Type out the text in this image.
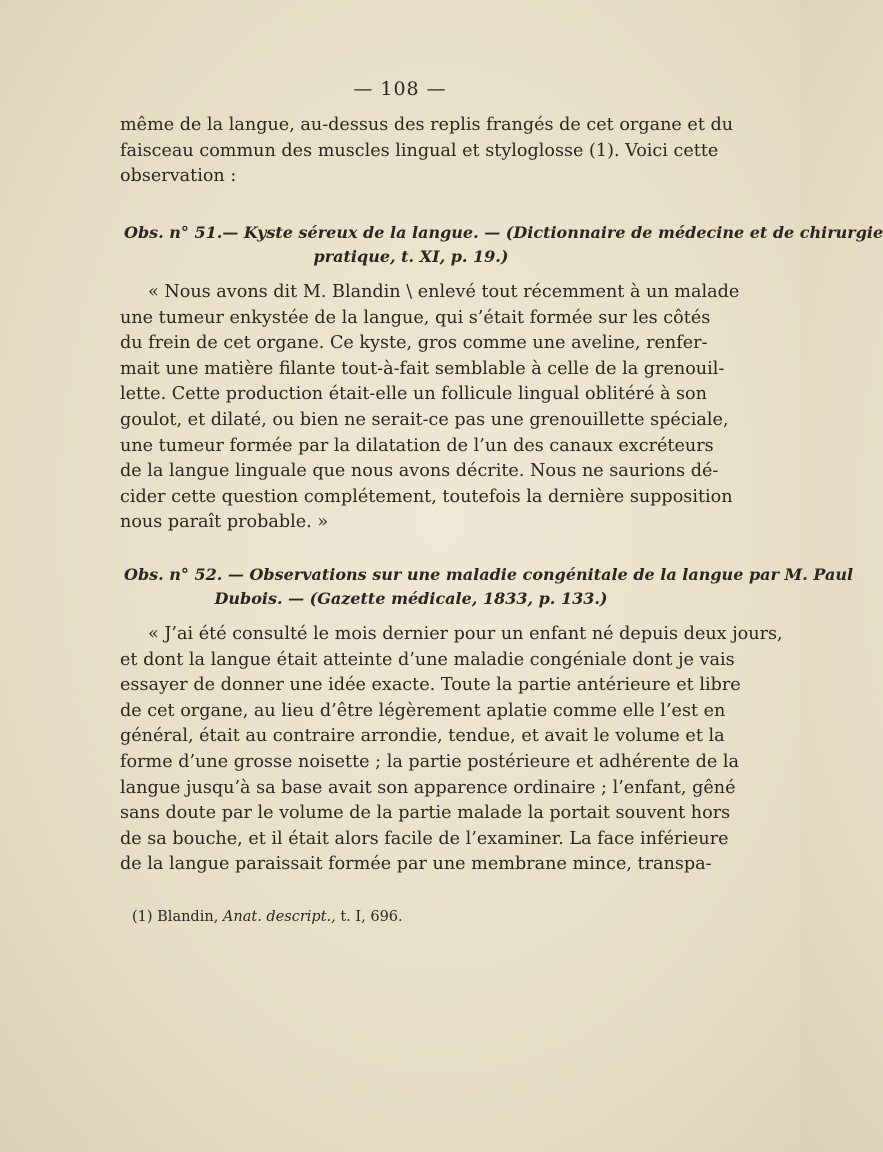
— 108 —
même de la langue, au-dessus des replis frangés de cet organe et du
faisceau commun des muscles lingual et styloglosse (1). Voici cette
observation :
Obs. n° 51.— Kyste séreux de la langue. — (Dictionnaire de médecine et de chirurgie
pratique, t. XI, p. 19.)
« Nous avons dit M. Blandin \ enlevé tout récemment à un malade
une tumeur enkystée de la langue, qui s’était formée sur les côtés
du frein de cet organe. Ce kyste, gros comme une aveline, renfer-
mait une matière filante tout-à-fait semblable à celle de la grenouil-
lette. Cette production était-elle un follicule lingual oblitéré à son
goulot, et dilaté, ou bien ne serait-ce pas une grenouillette spéciale,
une tumeur formée par la dilatation de l’un des canaux excréteurs
de la langue linguale que nous avons décrite. Nous ne saurions dé-
cider cette question complétement, toutefois la dernière supposition
nous paraît probable. »
Obs. n° 52. — Observations sur une maladie congénitale de la langue par M. Paul
Dubois. — (Gazette médicale, 1833, p. 133.)
« J’ai été consulté le mois dernier pour un enfant né depuis deux jours,
et dont la langue était atteinte d’une maladie congéniale dont je vais
essayer de donner une idée exacte. Toute la partie antérieure et libre
de cet organe, au lieu d’être légèrement aplatie comme elle l’est en
général, était au contraire arrondie, tendue, et avait le volume et la
forme d’une grosse noisette ; la partie postérieure et adhérente de la
langue jusqu’à sa base avait son apparence ordinaire ; l’enfant, gêné
sans doute par le volume de la partie malade la portait souvent hors
de sa bouche, et il était alors facile de l’examiner. La face inférieure
de la langue paraissait formée par une membrane mince, transpa-
(1) Blandin, Anat. descript., t. I, 696.
